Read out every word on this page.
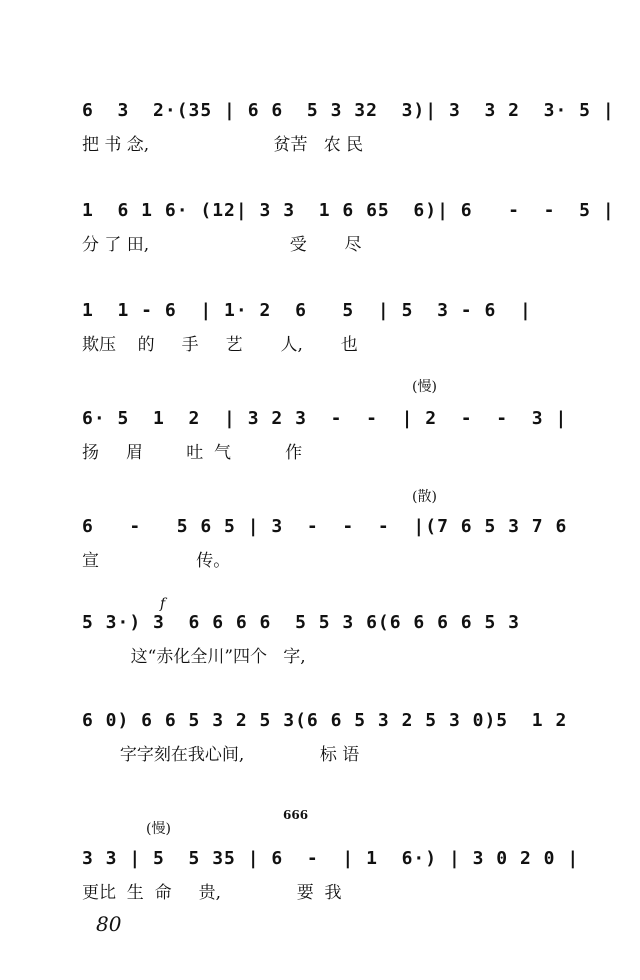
6  3  2·(35 | 6 6  5 3 32  3)| 3  3 2  3· 5 |
把 书 念,                       贫苦   农 民
1  6 1 6· (12| 3 3  1 6 65  6)| 6   -  -  5 |
分 了 田,                          受       尽
1  1 - 6  | 1· 2  6   5  | 5  3 - 6  |
欺压    的     手     艺       人,       也
(慢)
6· 5  1  2  | 3 2 3  -  -  | 2  -  -  3 |
扬     眉        吐  气          作
(散)
6   -   5 6 5 | 3  -  -  -  |(7 6 5 3 7 6
宣                  传。
f
5 3·) 3  6 6 6 6  5 5 3 6(6 6 6 6 5 3
这“赤化全川”四个   字,
6 0) 6 6 5 3 2 5 3(6 6 5 3 2 5 3 0)5  1 2
字字刻在我心间,              标 语
(慢)
666
3 3 | 5  5 35 | 6  -  | 1  6·) | 3 0 2 0 |
更比  生  命     贵,              要  我
80
